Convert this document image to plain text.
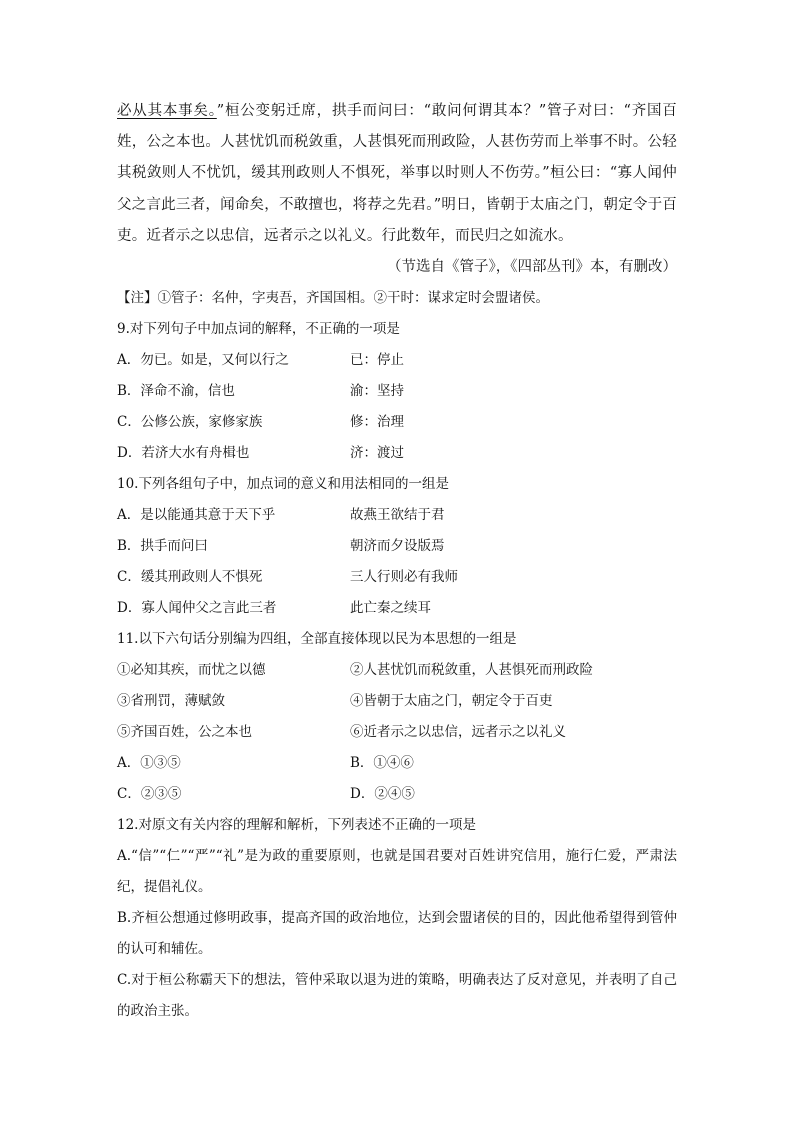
必从其本事矣。”桓公变躬迁席，拱手而问曰：“敢问何谓其本？”管子对曰：“齐国百姓，公之本也。人甚忧饥而税敛重，人甚惧死而刑政险，人甚伤劳而上举事不时。公轻其税敛则人不忧饥，缓其刑政则人不惧死，举事以时则人不伤劳。”桓公曰：“寡人闻仲父之言此三者，闻命矣，不敢擅也，将荐之先君。”明日，皆朝于太庙之门，朝定令于百吏。近者示之以忠信，远者示之以礼义。行此数年，而民归之如流水。

（节选自《管子》，《四部丛刊》本，有删改）

【注】①管子：名仲，字夷吾，齐国国相。②干时：谋求定时会盟诸侯。

9.对下列句子中加点词的解释，不正确的一项是

A．勿已。如是，又何以行之	已：停止
B．泽命不渝，信也	渝：坚持
C．公修公族，家修家族	修：治理
D．若济大水有舟楫也	济：渡过

10.下列各组句子中，加点词的意义和用法相同的一组是

A．是以能通其意于天下乎	故燕王欲结于君
B．拱手而问曰	朝济而夕设版焉
C．缓其刑政则人不惧死	三人行则必有我师
D．寡人闻仲父之言此三者	此亡秦之续耳

11.以下六句话分别编为四组，全部直接体现以民为本思想的一组是

①必知其疾，而忧之以德	②人甚忧饥而税敛重，人甚惧死而刑政险
③省刑罚，薄赋敛	④皆朝于太庙之门，朝定令于百吏
⑤齐国百姓，公之本也	⑥近者示之以忠信，远者示之以礼义
A．①③⑤	B．①④⑥
C．②③⑤	D．②④⑤

12.对原文有关内容的理解和解析，下列表述不正确的一项是

A.“信”“仁”“严”“礼”是为政的重要原则，也就是国君要对百姓讲究信用，施行仁爱，严肃法纪，提倡礼仪。

B.齐桓公想通过修明政事，提高齐国的政治地位，达到会盟诸侯的目的，因此他希望得到管仲的认可和辅佐。

C.对于桓公称霸天下的想法，管仲采取以退为进的策略，明确表达了反对意见，并表明了自己的政治主张。
